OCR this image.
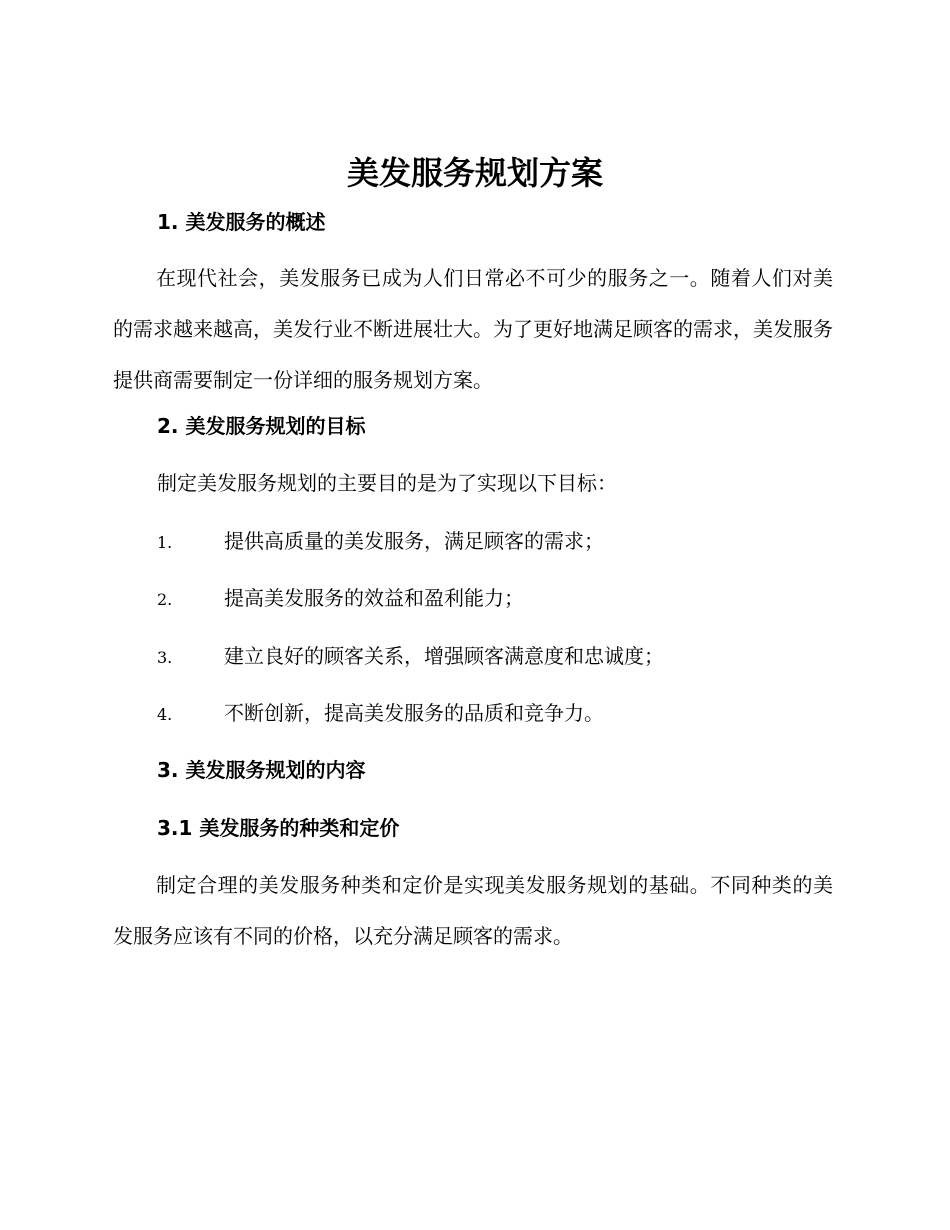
美发服务规划方案
1. 美发服务的概述
在现代社会，美发服务已成为人们日常必不可少的服务之一。随着人们对美的需求越来越高，美发行业不断进展壮大。为了更好地满足顾客的需求，美发服务提供商需要制定一份详细的服务规划方案。
2. 美发服务规划的目标
制定美发服务规划的主要目的是为了实现以下目标：
1.	提供高质量的美发服务，满足顾客的需求；
2.	提高美发服务的效益和盈利能力；
3.	建立良好的顾客关系，增强顾客满意度和忠诚度；
4.	不断创新，提高美发服务的品质和竞争力。
3. 美发服务规划的内容
3.1 美发服务的种类和定价
制定合理的美发服务种类和定价是实现美发服务规划的基础。不同种类的美发服务应该有不同的价格，以充分满足顾客的需求。
